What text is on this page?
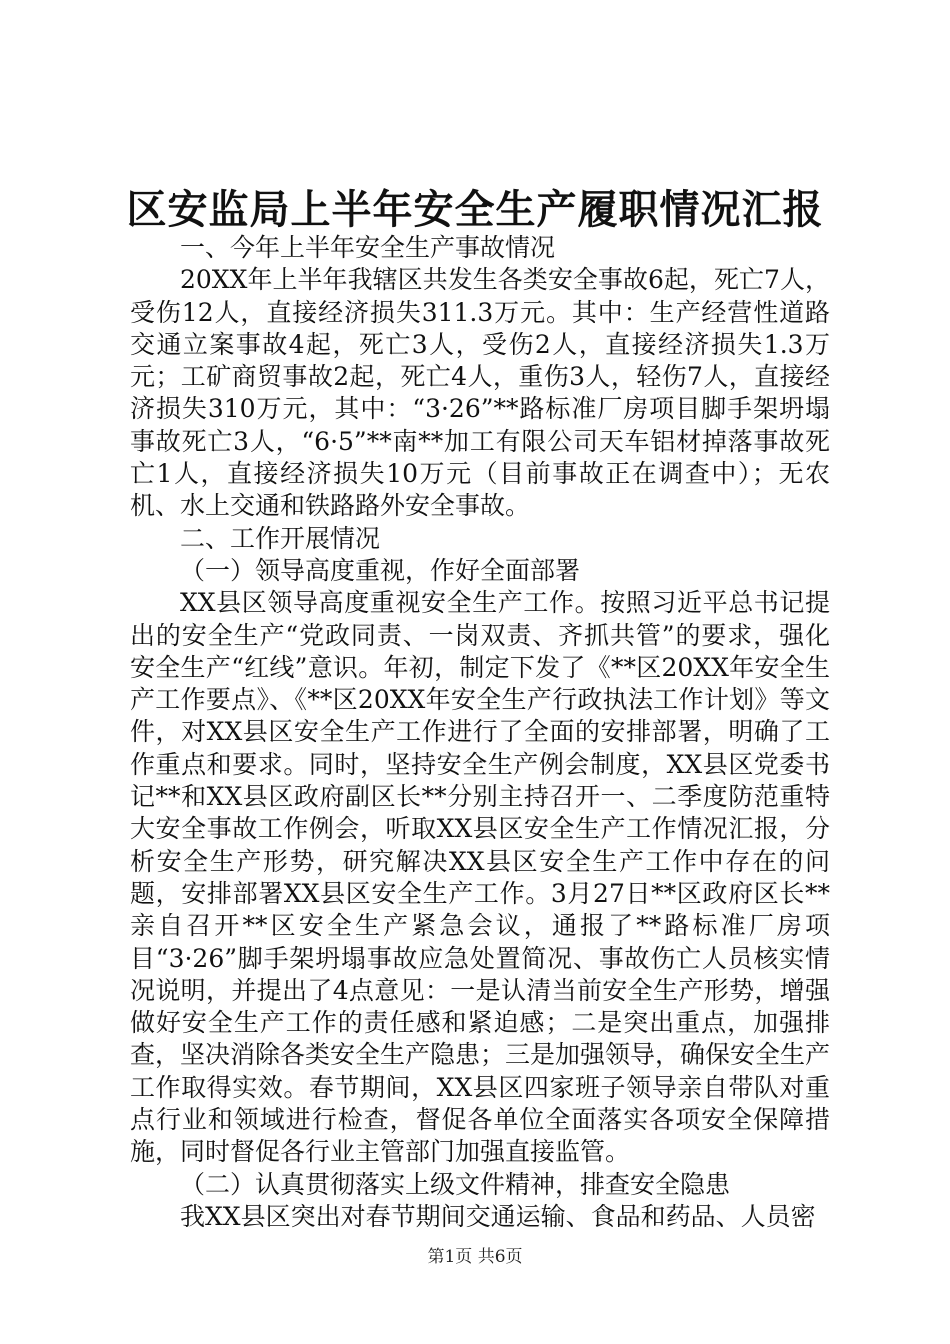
区安监局上半年安全生产履职情况汇报

一、今年上半年安全生产事故情况

20XX年上半年我辖区共发生各类安全事故6起，死亡7人，受伤12人，直接经济损失311.3万元。其中：生产经营性道路交通立案事故4起，死亡3人，受伤2人，直接经济损失1.3万元；工矿商贸事故2起，死亡4人，重伤3人，轻伤7人，直接经济损失310万元，其中：“3·26”**路标准厂房项目脚手架坍塌事故死亡3人，“6·5”**南**加工有限公司天车铝材掉落事故死亡1人，直接经济损失10万元（目前事故正在调查中）；无农机、水上交通和铁路路外安全事故。

二、工作开展情况

（一）领导高度重视，作好全面部署

XX县区领导高度重视安全生产工作。按照习近平总书记提出的安全生产“党政同责、一岗双责、齐抓共管”的要求，强化安全生产“红线”意识。年初，制定下发了《**区20XX年安全生产工作要点》、《**区20XX年安全生产行政执法工作计划》等文件，对XX县区安全生产工作进行了全面的安排部署，明确了工作重点和要求。同时，坚持安全生产例会制度，XX县区党委书记**和XX县区政府副区长**分别主持召开一、二季度防范重特大安全事故工作例会，听取XX县区安全生产工作情况汇报，分析安全生产形势，研究解决XX县区安全生产工作中存在的问题，安排部署XX县区安全生产工作。3月27日**区政府区长**亲自召开**区安全生产紧急会议，通报了**路标准厂房项目“3·26”脚手架坍塌事故应急处置简况、事故伤亡人员核实情况说明，并提出了4点意见：一是认清当前安全生产形势，增强做好安全生产工作的责任感和紧迫感；二是突出重点，加强排查，坚决消除各类安全生产隐患；三是加强领导，确保安全生产工作取得实效。春节期间，XX县区四家班子领导亲自带队对重点行业和领域进行检查，督促各单位全面落实各项安全保障措施，同时督促各行业主管部门加强直接监管。

（二）认真贯彻落实上级文件精神，排查安全隐患

我XX县区突出对春节期间交通运输、食品和药品、人员密

第1页 共6页
